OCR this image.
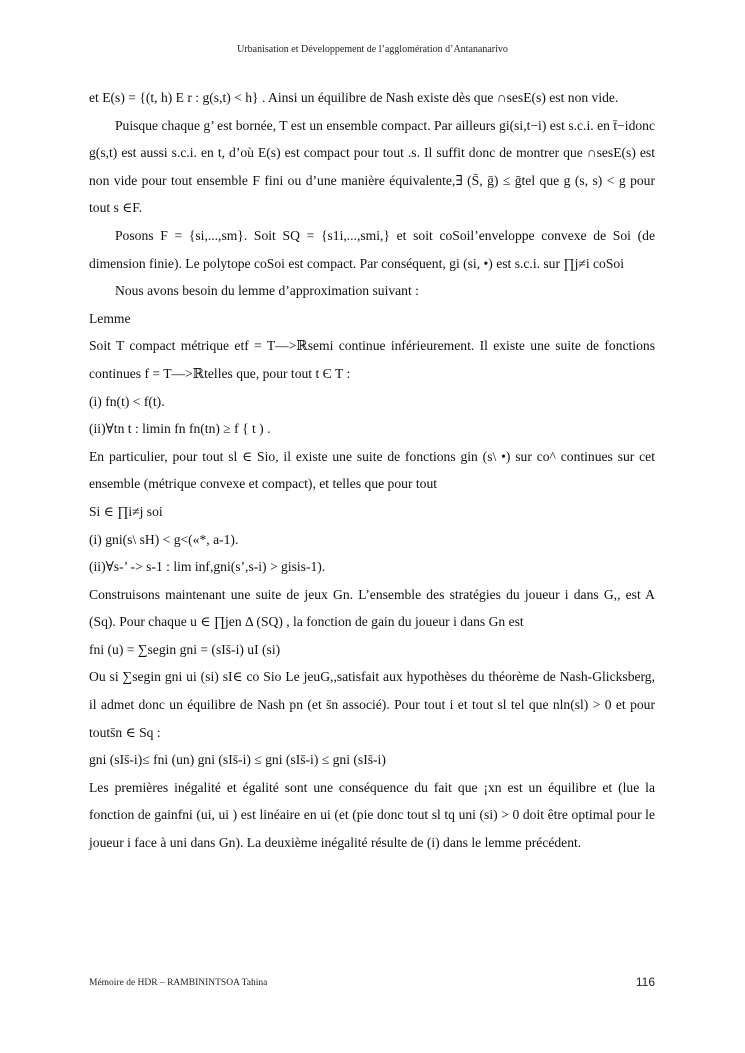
Urbanisation et Développement de l’agglomération d’Antananarivo

et E(s) = {(t, h) E r : g(s,t) < h} . Ainsi un équilibre de Nash existe dès que ∩sesE(s) est non vide.

Puisque chaque g’ est bornée, T est un ensemble compact. Par ailleurs gi(si,t−i) est s.c.i. en t̄−idonc g(s,t) est aussi s.c.i. en t, d’où E(s) est compact pour tout .s. Il suffit donc de montrer que ∩sesE(s) est non vide pour tout ensemble F fini ou d’une manière équivalente,∃ (S̄, ḡ) ≤ ḡtel que g (s, s) < g pour tout s ∈F.

Posons F = {si,...,sm}. Soit SQ = {s1i,...,smi,} et soit coSoil’enveloppe convexe de Soi (de dimension finie). Le polytope coSoi est compact. Par conséquent, gi (si, •) est s.c.i. sur ∏j≠i coSoi

Nous avons besoin du lemme d’approximation suivant :

Lemme

Soit T compact métrique etf = T—>ℝsemi continue inférieurement. Il existe une suite de fonctions continues f = T—>ℝtelles que, pour tout t Є T :

(i) fn(t) < f(t).

(ii)∀tn t : limin fn fn(tn) ≥ f { t ) .

En particulier, pour tout sl ∈ Sio, il existe une suite de fonctions gin (s\ •) sur co^ continues sur cet ensemble (métrique convexe et compact), et telles que pour tout

Si ∈ ∏i≠j soi

(i) gni(s\ sH) < g<(«*, a-1).

(ii)∀s-’ -> s-1 : lim inf,gni(s’,s-i) > gisis-1).

Construisons maintenant une suite de jeux Gn. L’ensemble des stratégies du joueur i dans G,, est A (Sq). Pour chaque u ∈ ∏jen Δ (SQ) , la fonction de gain du joueur i dans Gn est

fni (u) = ∑segin gni = (sIs̄-i) uI (si)

Ou si ∑segin gni ui (si) sI∈ co Sio Le jeuG,,satisfait aux hypothèses du théorème de Nash-Glicksberg, il admet donc un équilibre de Nash pn (et s̄n associé). Pour tout i et tout sl tel que nln(sl) > 0 et pour touts̄n ∈ Sq :

gni (sIs̄-i)≤ fni (un) gni (sIs̄-i) ≤ gni (sIs̄-i) ≤ gni (sIs̄-i)

Les premières inégalité et égalité sont une conséquence du fait que ¡xn est un équilibre et (lue la fonction de gainfni (ui, ui ) est linéaire en ui (et (pie donc tout sl tq uni (si) > 0 doit être optimal pour le joueur i face à uni dans Gn). La deuxième inégalité résulte de (i) dans le lemme précédent.

Mémoire de HDR – RAMBININTSOA Tahina	116
